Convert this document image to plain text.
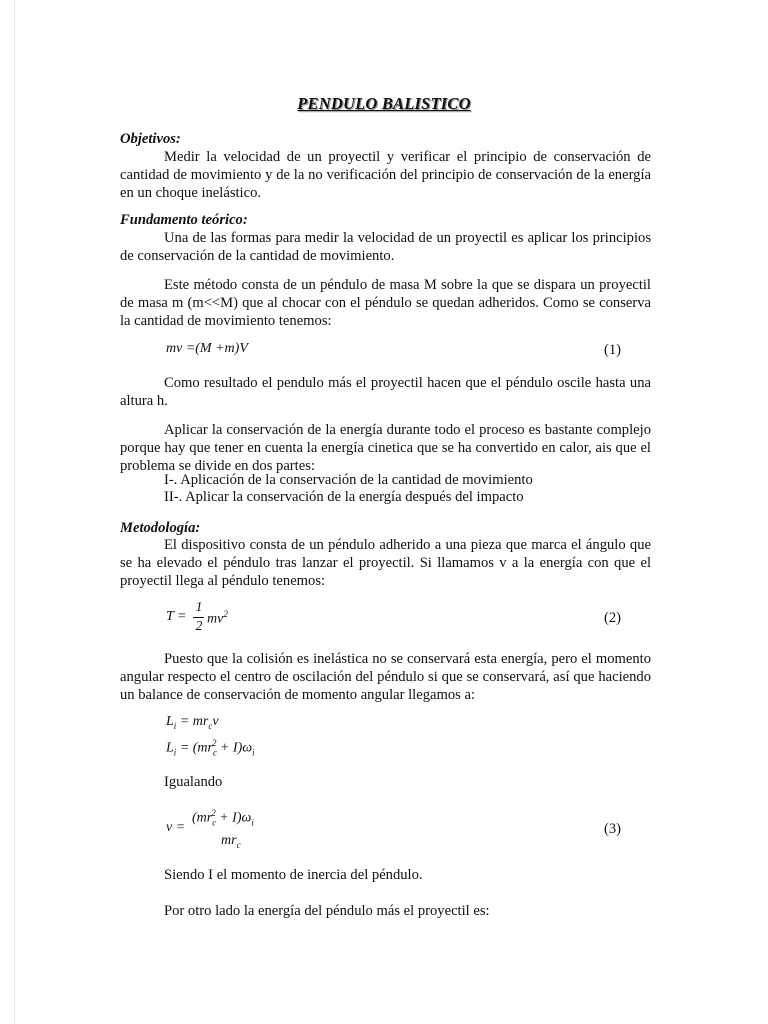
PENDULO BALISTICO
Objetivos:
Medir la velocidad de un proyectil y verificar el principio de conservación de cantidad de movimiento y de la no verificación del principio de conservación de la energía en un choque inelástico.
Fundamento teórico:
Una de las formas para medir la velocidad de un proyectil es aplicar los principios de conservación de la cantidad de movimiento.
Este método consta de un péndulo de masa M sobre la que se dispara un proyectil de masa m (m<<M) que al chocar con el péndulo se quedan adheridos. Como se conserva la cantidad de movimiento tenemos:
mv =(M +m)V	(1)
Como resultado el pendulo más el proyectil hacen que el péndulo oscile hasta una altura h.
Aplicar la conservación de la energía durante todo el proceso es bastante complejo porque hay que tener en cuenta la energía cinetica que se ha convertido en calor, ais que el problema se divide en dos partes:
I-. Aplicación de la conservación de la cantidad de movimiento
II-. Aplicar la conservación de la energía después del impacto
Metodología:
El dispositivo consta de un péndulo adherido a una pieza que marca el ángulo que se ha elevado el péndulo tras lanzar el proyectil. Si llamamos v a la energía con que el proyectil llega al péndulo tenemos:
T =
1
2 $mv^2$	(2)
Puesto que la colisión es inelástica no se conservará esta energía, pero el momento angular respecto el centro de oscilación del péndulo si que se conservará, así que haciendo un balance de conservación de momento angular llegamos a:
$L_i = mr_cv$
$L_i = (mr_c^2 + I)\omega_i$
Igualando
v =
$(mr_c^2 + I)\omega_i$
$mr_c$
(3)
Siendo I el momento de inercia del péndulo.
Por otro lado la energía del péndulo más el proyectil es:
